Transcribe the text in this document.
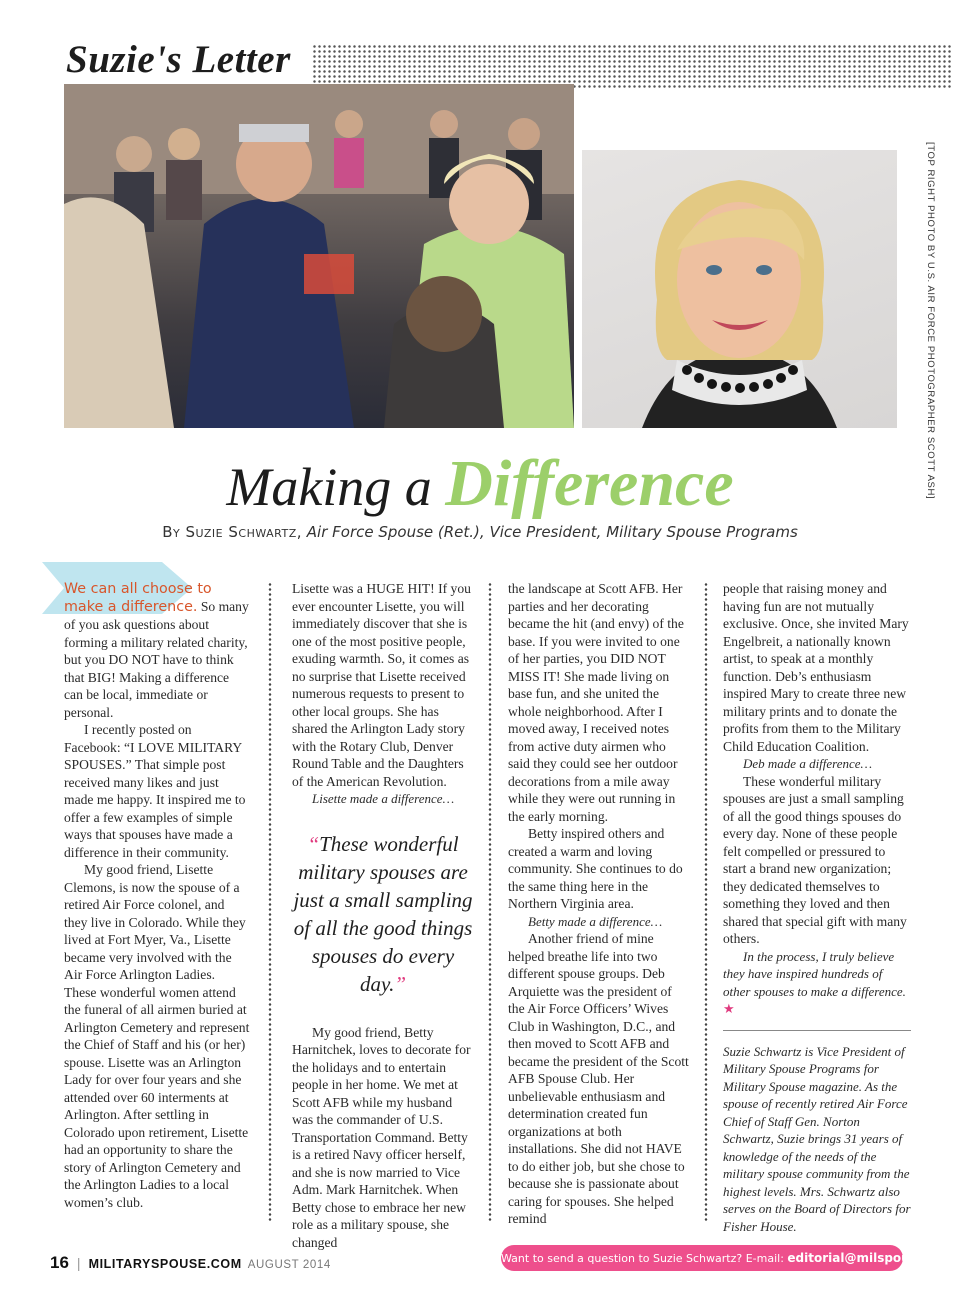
Suzie's Letter
[TOP RIGHT PHOTO BY U.S. AIR FORCE PHOTOGRAPHER SCOTT ASH]
Making a Difference
By Suzie Schwartz, Air Force Spouse (Ret.), Vice President, Military Spouse Programs

We can all choose to make a difference. So many of you ask questions about forming a military related charity, but you DO NOT have to think that BIG! Making a difference can be local, immediate or personal.

I recently posted on Facebook: “I LOVE MILITARY SPOUSES.” That simple post received many likes and just made me happy. It inspired me to offer a few examples of simple ways that spouses have made a difference in their community.

My good friend, Lisette Clemons, is now the spouse of a retired Air Force colonel, and they live in Colorado. While they lived at Fort Myer, Va., Lisette became very involved with the Air Force Arlington Ladies. These wonderful women attend the funeral of all airmen buried at Arlington Cemetery and represent the Chief of Staff and his (or her) spouse. Lisette was an Arlington Lady for over four years and she attended over 60 interments at Arlington. After settling in Colorado upon retirement, Lisette had an opportunity to share the story of Arlington Cemetery and the Arlington Ladies to a local women’s club.

Lisette was a HUGE HIT! If you ever encounter Lisette, you will immediately discover that she is one of the most positive people, exuding warmth. So, it comes as no surprise that Lisette received numerous requests to present to other local groups. She has shared the Arlington Lady story with the Rotary Club, Denver Round Table and the Daughters of the American Revolution.

Lisette made a difference…

“These wonderful military spouses are just a small sampling of all the good things spouses do every day.”

My good friend, Betty Harnitchek, loves to decorate for the holidays and to entertain people in her home. We met at Scott AFB while my husband was the commander of U.S. Transportation Command. Betty is a retired Navy officer herself, and she is now married to Vice Adm. Mark Harnitchek. When Betty chose to embrace her new role as a military spouse, she changed

the landscape at Scott AFB. Her parties and her decorating became the hit (and envy) of the base. If you were invited to one of her parties, you DID NOT MISS IT! She made living on base fun, and she united the whole neighborhood. After I moved away, I received notes from active duty airmen who said they could see her outdoor decorations from a mile away while they were out running in the early morning.

Betty inspired others and created a warm and loving community. She continues to do the same thing here in the Northern Virginia area.

Betty made a difference…

Another friend of mine helped breathe life into two different spouse groups. Deb Arquiette was the president of the Air Force Officers’ Wives Club in Washington, D.C., and then moved to Scott AFB and became the president of the Scott AFB Spouse Club. Her unbelievable enthusiasm and determination created fun organizations at both installations. She did not HAVE to do either job, but she chose to because she is passionate about caring for spouses. She helped remind

people that raising money and having fun are not mutually exclusive. Once, she invited Mary Engelbreit, a nationally known artist, to speak at a monthly function. Deb’s enthusiasm inspired Mary to create three new military prints and to donate the profits from them to the Military Child Education Coalition.

Deb made a difference…

These wonderful military spouses are just a small sampling of all the good things spouses do every day. None of these people felt compelled or pressured to start a brand new organization; they dedicated themselves to something they loved and then shared that special gift with many others.

In the process, I truly believe they have inspired hundreds of other spouses to make a difference. ★

Suzie Schwartz is Vice President of Military Spouse Programs for Military Spouse magazine. As the spouse of recently retired Air Force Chief of Staff Gen. Norton Schwartz, Suzie brings 31 years of knowledge of the needs of the military spouse community from the highest levels. Mrs. Schwartz also serves on the Board of Directors for Fisher House.

16 | MILITARYSPOUSE.COM AUGUST 2014	Want to send a question to Suzie Schwartz? E-mail: editorial@milspouse.com
